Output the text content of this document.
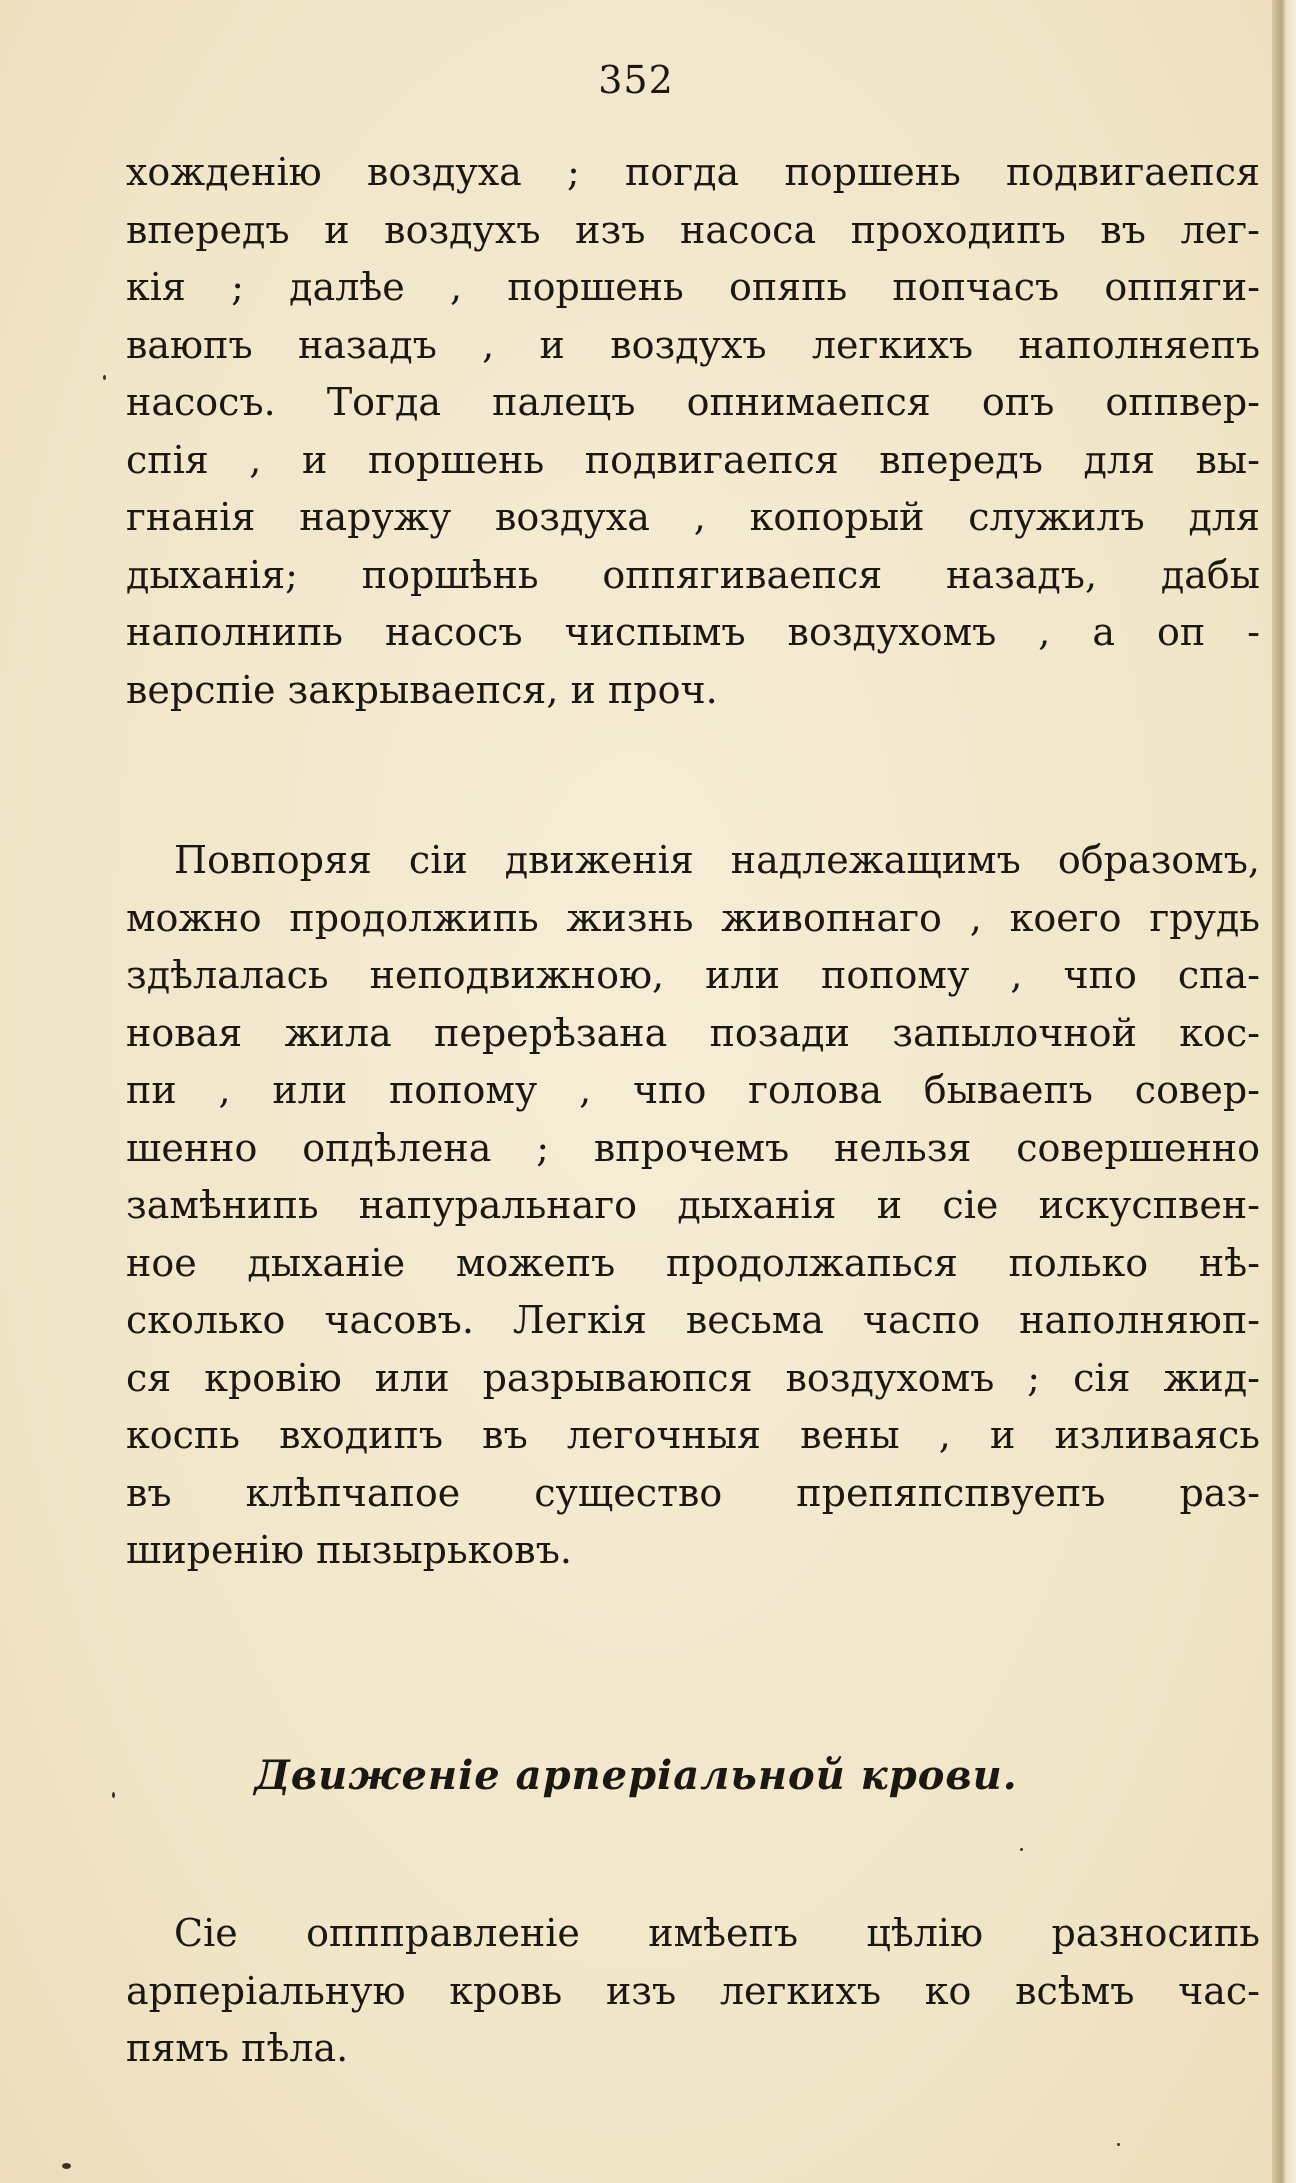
352
хожденію воздуха ; погда поршень подвигаепся
впередъ и воздухъ изъ насоса проходипъ въ лег-
кія ; далѣе , поршень опяпь попчасъ оппяги-
ваюпъ назадъ , и воздухъ легкихъ наполняепъ
насосъ. Тогда палецъ опнимаепся опъ оппвер-
спія , и поршень подвигаепся впередъ для вы-
гнанія наружу воздуха , копорый служилъ для
дыханія; поршѣнь оппягиваепся назадъ, дабы
наполнипь насосъ чиспымъ воздухомъ , а оп -
верспіе закрываепся, и проч.
Повпоряя сіи движенія надлежащимъ образомъ,
можно продолжипь жизнь живопнаго , коего грудь
здѣлалась неподвижною, или попому , чпо спа-
новая жила перерѣзана позади запылочной кос-
пи , или попому , чпо голова бываепъ совер-
шенно опдѣлена ; впрочемъ нельзя совершенно
замѣнипь напуральнаго дыханія и сіе искуспвен-
ное дыханіе можепъ продолжапься полько нѣ-
сколько часовъ. Легкія весьма часпо наполняюп-
ся кровію или разрываюпся воздухомъ ; сія жид-
коспь входипъ въ легочныя вены , и изливаясь
въ клѣпчапое существо препяпспвуепъ раз-
ширенію пызырьковъ.
Движеніе арперіальной крови.
Сіе оппправленіе имѣепъ цѣлію разносипь
арперіальную кровь изъ легкихъ ко всѣмъ час-
пямъ пѣла.
